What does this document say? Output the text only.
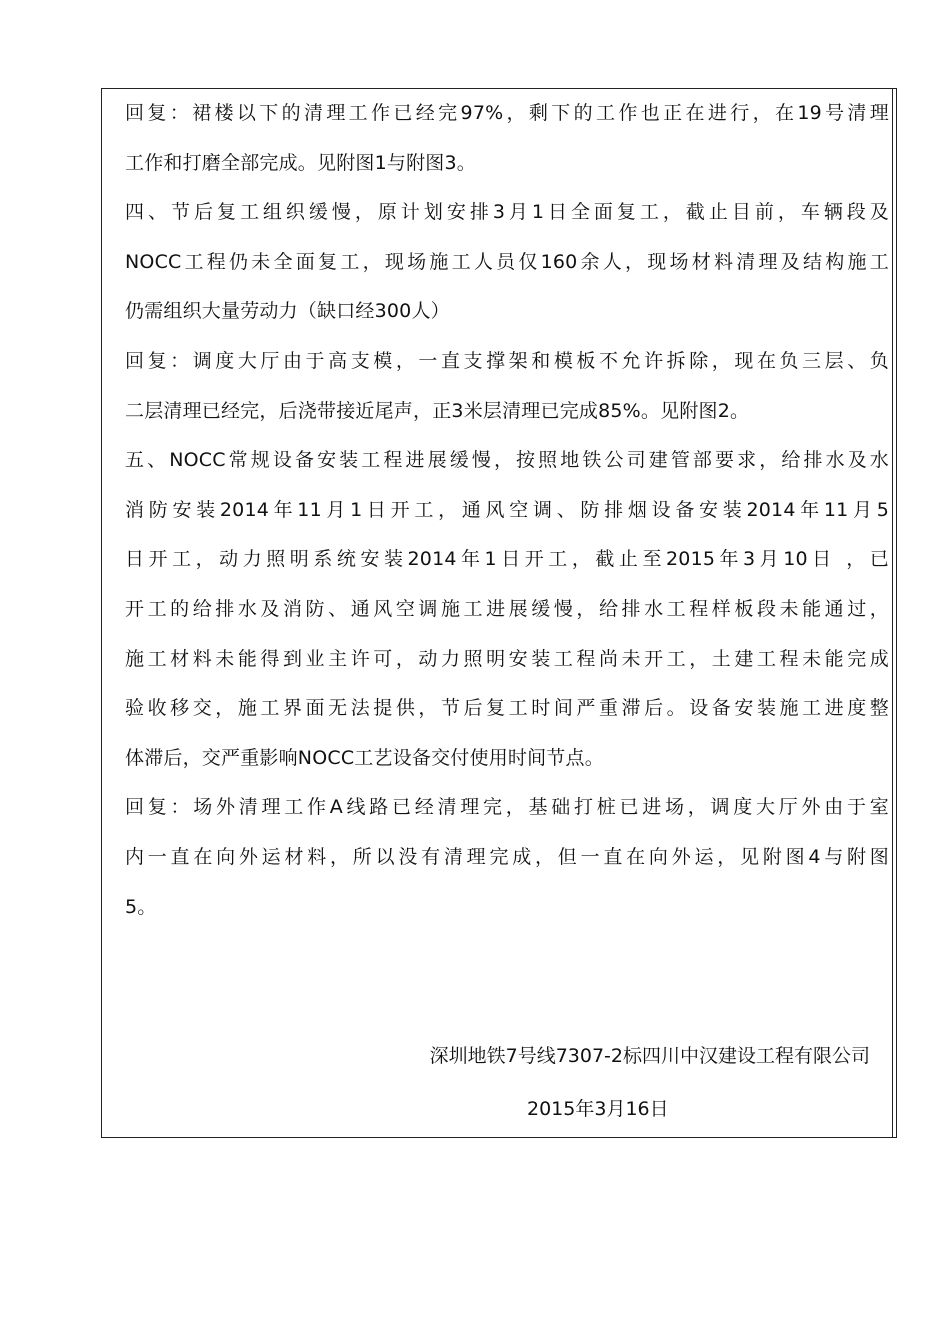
回复：裙楼以下的清理工作已经完97%，剩下的工作也正在进行，在19号清理
工作和打磨全部完成。见附图1与附图3。
四、节后复工组织缓慢，原计划安排3月1日全面复工，截止目前，车辆段及
NOCC工程仍未全面复工，现场施工人员仅160余人，现场材料清理及结构施工
仍需组织大量劳动力（缺口经300人）
回复：调度大厅由于高支模，一直支撑架和模板不允许拆除，现在负三层、负
二层清理已经完，后浇带接近尾声，正3米层清理已完成85%。见附图2。
五、NOCC常规设备安装工程进展缓慢，按照地铁公司建管部要求，给排水及水
消防安装2014年11月1日开工，通风空调、防排烟设备安装2014年11月5
日开工，动力照明系统安装2014年1日开工，截止至2015年3月10日 ，已
开工的给排水及消防、通风空调施工进展缓慢，给排水工程样板段未能通过，
施工材料未能得到业主许可，动力照明安装工程尚未开工，土建工程未能完成
验收移交，施工界面无法提供，节后复工时间严重滞后。设备安装施工进度整
体滞后，交严重影响NOCC工艺设备交付使用时间节点。
回复：场外清理工作A线路已经清理完，基础打桩已进场，调度大厅外由于室
内一直在向外运材料，所以没有清理完成，但一直在向外运，见附图4与附图
5。
深圳地铁7号线7307-2标四川中汉建设工程有限公司
2015年3月16日
